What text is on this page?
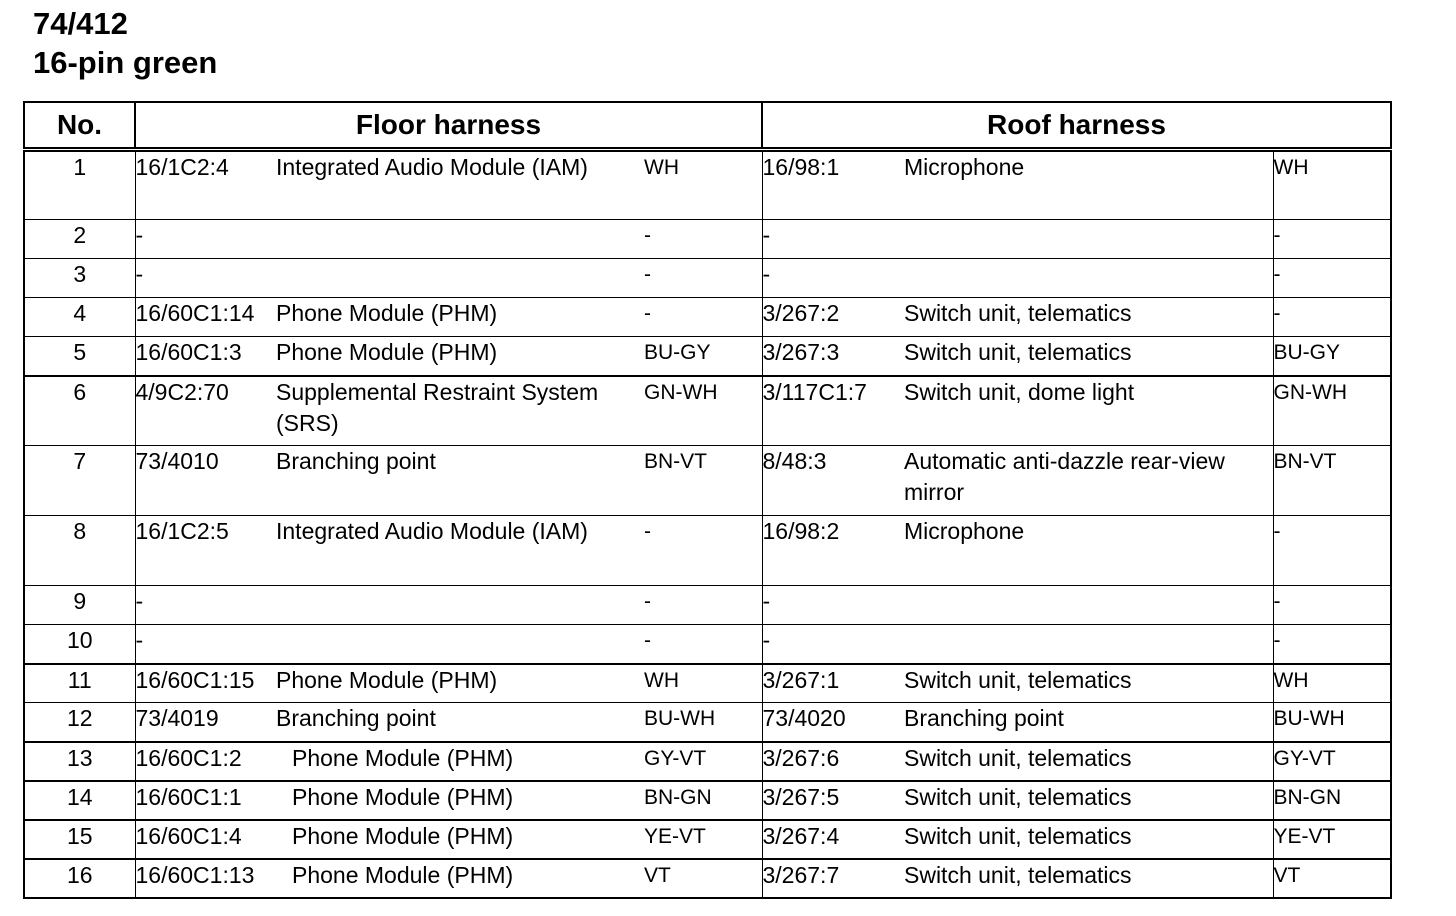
74/412
16-pin green
No.	Floor harness			Roof harness		
1	16/1C2:4	Integrated Audio Module (IAM)	WH	16/98:1	Microphone	WH
2	-		-	-		-
3	-		-	-		-
4	16/60C1:14	Phone Module (PHM)	-	3/267:2	Switch unit, telematics	-
5	16/60C1:3	Phone Module (PHM)	BU-GY	3/267:3	Switch unit, telematics	BU-GY
6	4/9C2:70	Supplemental Restraint System (SRS)	GN-WH	3/117C1:7	Switch unit, dome light	GN-WH
7	73/4010	Branching point	BN-VT	8/48:3	Automatic anti-dazzle rear-view mirror	BN-VT
8	16/1C2:5	Integrated Audio Module (IAM)	-	16/98:2	Microphone	-
9	-		-	-		-
10	-		-	-		-
11	16/60C1:15	Phone Module (PHM)	WH	3/267:1	Switch unit, telematics	WH
12	73/4019	Branching point	BU-WH	73/4020	Branching point	BU-WH
13	16/60C1:2	Phone Module (PHM)	GY-VT	3/267:6	Switch unit, telematics	GY-VT
14	16/60C1:1	Phone Module (PHM)	BN-GN	3/267:5	Switch unit, telematics	BN-GN
15	16/60C1:4	Phone Module (PHM)	YE-VT	3/267:4	Switch unit, telematics	YE-VT
16	16/60C1:13	Phone Module (PHM)	VT	3/267:7	Switch unit, telematics	VT
